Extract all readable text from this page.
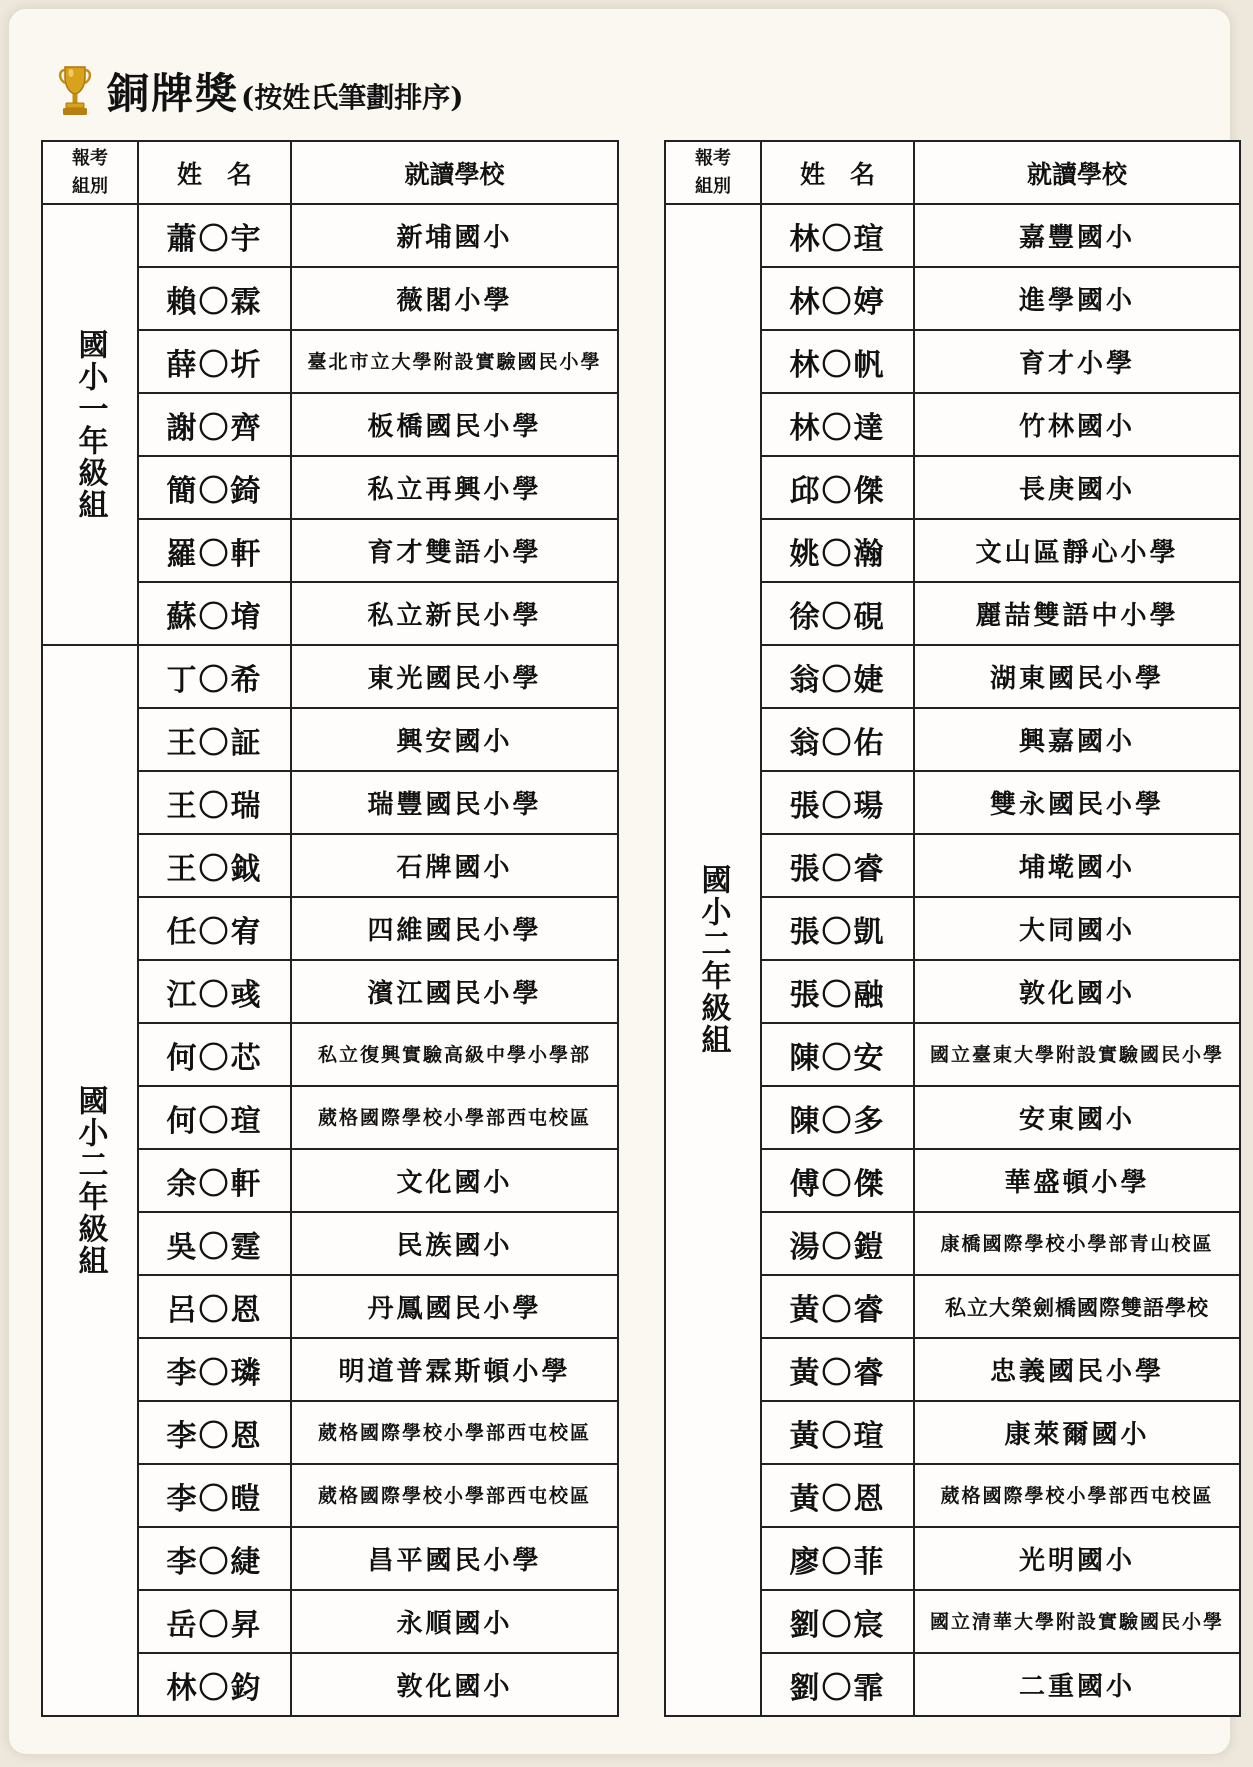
銅牌獎 (按姓氏筆劃排序)
報考
組別	姓　名	就讀學校
國小一年級組	蕭〇宇	新埔國小
	賴〇霖	薇閣小學
	薛〇圻	臺北市立大學附設實驗國民小學
	謝〇齊	板橋國民小學
	簡〇錡	私立再興小學
	羅〇軒	育才雙語小學
	蘇〇堉	私立新民小學
國小二年級組	丁〇希	東光國民小學
	王〇証	興安國小
	王〇瑞	瑞豐國民小學
	王〇鉞	石牌國小
	任〇宥	四維國民小學
	江〇彧	濱江國民小學
	何〇芯	私立復興實驗高級中學小學部
	何〇瑄	葳格國際學校小學部西屯校區
	余〇軒	文化國小
	吳〇霆	民族國小
	呂〇恩	丹鳳國民小學
	李〇璘	明道普霖斯頓小學
	李〇恩	葳格國際學校小學部西屯校區
	李〇暟	葳格國際學校小學部西屯校區
	李〇緁	昌平國民小學
	岳〇昇	永順國小
	林〇鈞	敦化國小
報考
組別	姓　名	就讀學校
國小二年級組	林〇瑄	嘉豐國小
	林〇婷	進學國小
	林〇帆	育才小學
	林〇達	竹林國小
	邱〇傑	長庚國小
	姚〇瀚	文山區靜心小學
	徐〇硯	麗喆雙語中小學
	翁〇婕	湖東國民小學
	翁〇佑	興嘉國小
	張〇瑒	雙永國民小學
	張〇睿	埔墘國小
	張〇凱	大同國小
	張〇融	敦化國小
	陳〇安	國立臺東大學附設實驗國民小學
	陳〇多	安東國小
	傅〇傑	華盛頓小學
	湯〇鎧	康橋國際學校小學部青山校區
	黃〇睿	私立大榮劍橋國際雙語學校
	黃〇睿	忠義國民小學
	黃〇瑄	康萊爾國小
	黃〇恩	葳格國際學校小學部西屯校區
	廖〇菲	光明國小
	劉〇宸	國立清華大學附設實驗國民小學
	劉〇霏	二重國小
